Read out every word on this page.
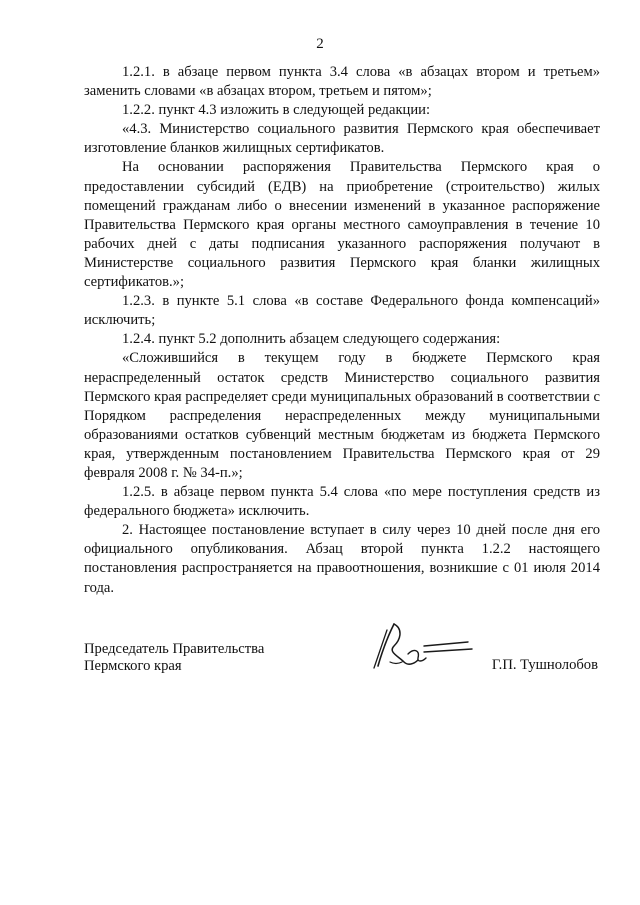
2

1.2.1. в абзаце первом пункта 3.4 слова «в абзацах втором и третьем» заменить словами «в абзацах втором, третьем и пятом»;

1.2.2. пункт 4.3 изложить в следующей редакции:

«4.3. Министерство социального развития Пермского края обеспечивает изготовление бланков жилищных сертификатов.

На основании распоряжения Правительства Пермского края о предоставлении субсидий (ЕДВ) на приобретение (строительство) жилых помещений гражданам либо о внесении изменений в указанное распоряжение Правительства Пермского края органы местного самоуправления в течение 10 рабочих дней с даты подписания указанного распоряжения получают в Министерстве социального развития Пермского края бланки жилищных сертификатов.»;

1.2.3. в пункте 5.1 слова «в составе Федерального фонда компенсаций» исключить;

1.2.4. пункт 5.2 дополнить абзацем следующего содержания:

«Сложившийся в текущем году в бюджете Пермского края нераспределенный остаток средств Министерство социального развития Пермского края распределяет среди муниципальных образований в соответствии с Порядком распределения нераспределенных между муниципальными образованиями остатков субвенций местным бюджетам из бюджета Пермского края, утвержденным постановлением Правительства Пермского края от 29 февраля 2008 г. № 34-п.»;

1.2.5. в абзаце первом пункта 5.4 слова «по мере поступления средств из федерального бюджета» исключить.

2. Настоящее постановление вступает в силу через 10 дней после дня его официального опубликования. Абзац второй пункта 1.2.2 настоящего постановления распространяется на правоотношения, возникшие с 01 июля 2014 года.

Председатель Правительства
Пермского края	Г.П. Тушнолобов
